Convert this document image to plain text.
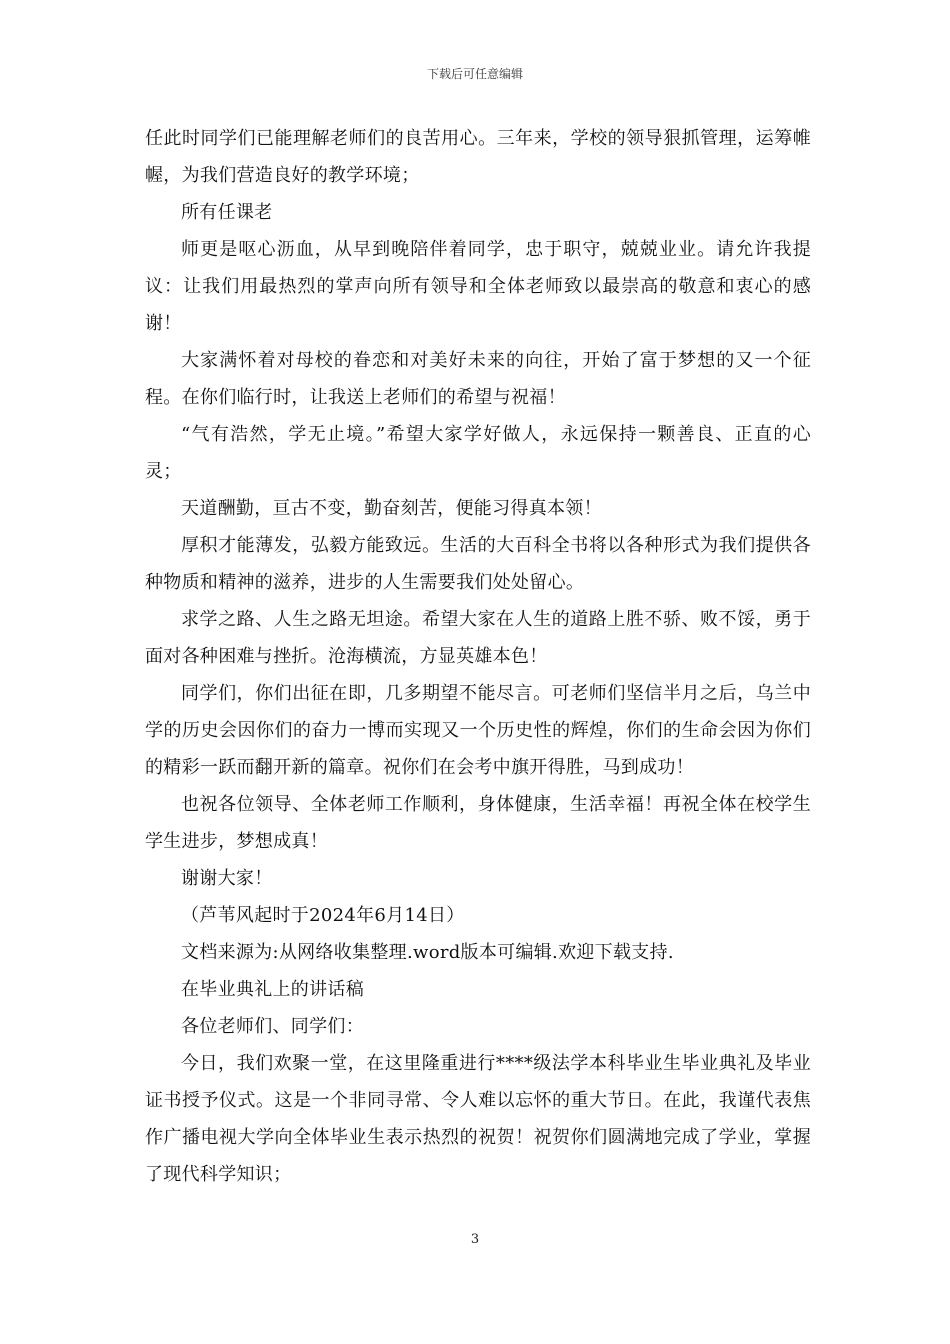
下载后可任意编辑

任此时同学们已能理解老师们的良苦用心。三年来，学校的领导狠抓管理，运筹帷幄，为我们营造良好的教学环境；

所有任课老

师更是呕心沥血，从早到晚陪伴着同学，忠于职守，兢兢业业。请允许我提议：让我们用最热烈的掌声向所有领导和全体老师致以最崇高的敬意和衷心的感谢！

大家满怀着对母校的眷恋和对美好未来的向往，开始了富于梦想的又一个征程。在你们临行时，让我送上老师们的希望与祝福！

“气有浩然，学无止境。”希望大家学好做人，永远保持一颗善良、正直的心灵；

天道酬勤，亘古不变，勤奋刻苦，便能习得真本领！

厚积才能薄发，弘毅方能致远。生活的大百科全书将以各种形式为我们提供各种物质和精神的滋养，进步的人生需要我们处处留心。

求学之路、人生之路无坦途。希望大家在人生的道路上胜不骄、败不馁，勇于面对各种困难与挫折。沧海横流，方显英雄本色！

同学们，你们出征在即，几多期望不能尽言。可老师们坚信半月之后，乌兰中学的历史会因你们的奋力一博而实现又一个历史性的辉煌，你们的生命会因为你们的精彩一跃而翻开新的篇章。祝你们在会考中旗开得胜，马到成功！

也祝各位领导、全体老师工作顺利，身体健康，生活幸福！再祝全体在校学生学生进步，梦想成真！

谢谢大家！

（芦苇风起时于2024年6月14日）

文档来源为:从网络收集整理.word版本可编辑.欢迎下载支持.

在毕业典礼上的讲话稿

各位老师们、同学们：

今日，我们欢聚一堂，在这里隆重进行****级法学本科毕业生毕业典礼及毕业证书授予仪式。这是一个非同寻常、令人难以忘怀的重大节日。在此，我谨代表焦作广播电视大学向全体毕业生表示热烈的祝贺！祝贺你们圆满地完成了学业，掌握了现代科学知识；

3
